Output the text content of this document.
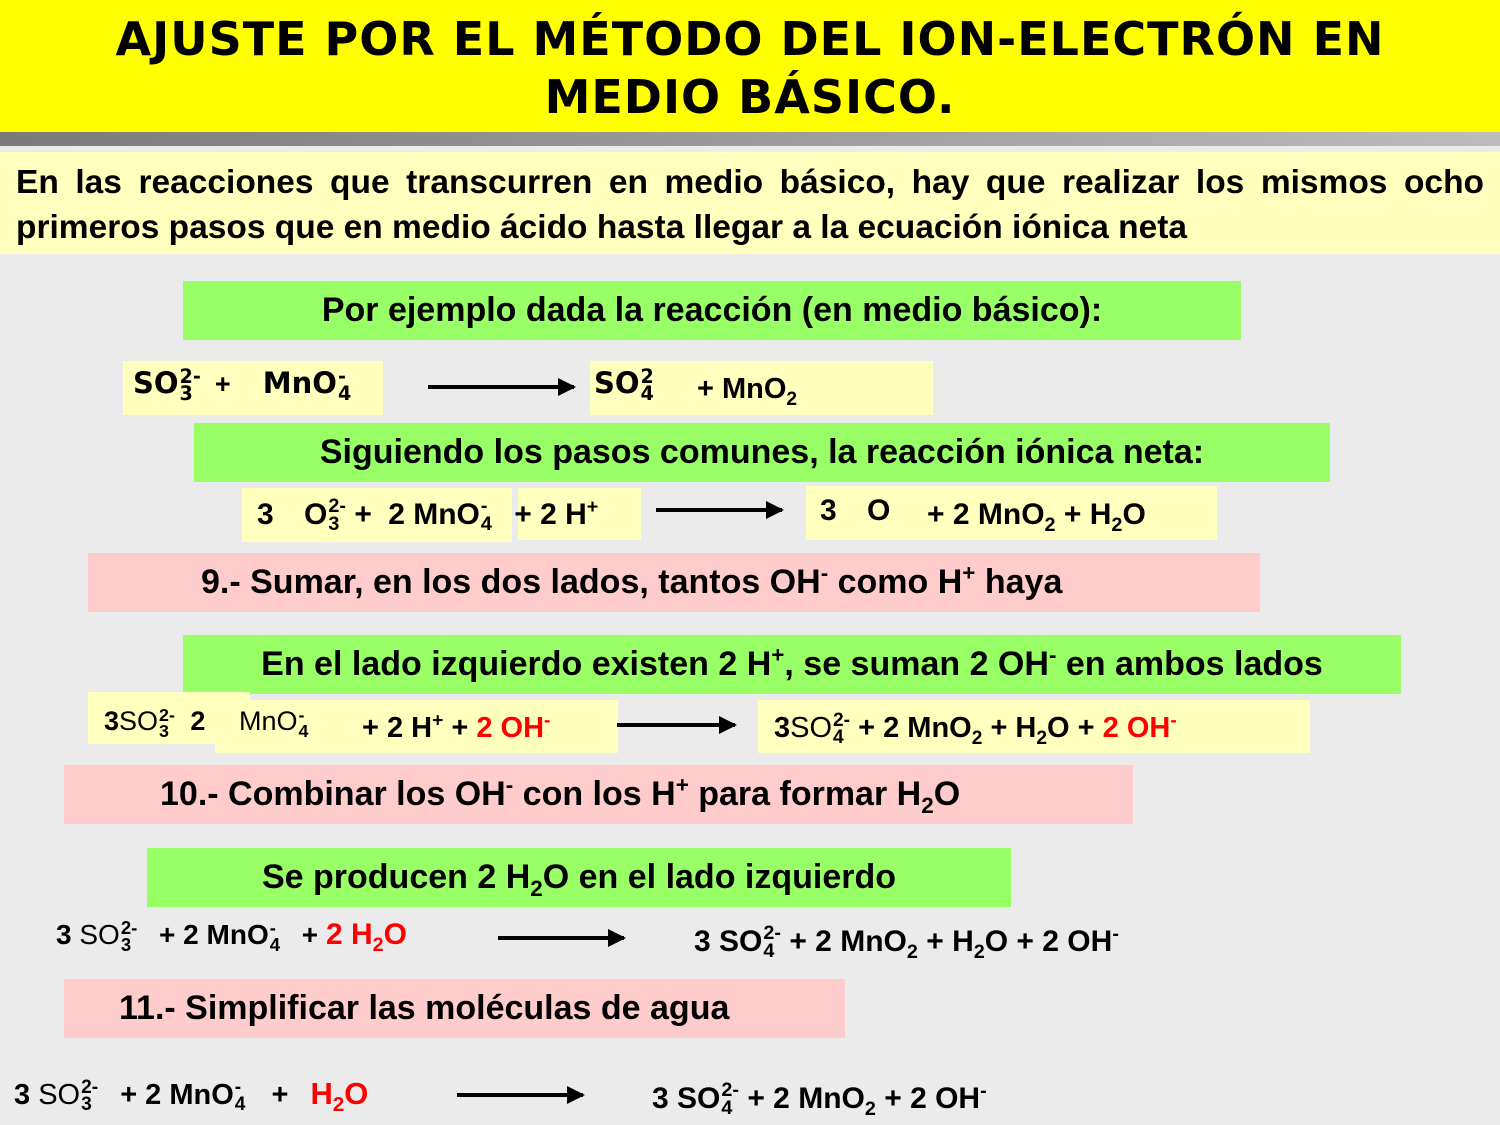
AJUSTE POR EL MÉTODO DEL ION-ELECTRÓN EN
MEDIO BÁSICO.
En las reacciones que transcurren en medio básico, hay que realizar los mismos ocho primeros pasos que en medio ácido hasta llegar a la ecuación iónica neta
Por ejemplo dada la reacción (en medio básico):
SO 2-
3 + MnO -
4	SO 2
4 + MnO$_2$
Siguiendo los pasos comunes, la reacción iónica neta:
3 O 2-
3 + 2 MnO -
4 + 2 H+	3 O + 2 $MnO_2 + H_2O$
9.- Sumar, en los dos lados, tantos OH- como H+ haya
En el lado izquierdo existen 2 H+, se suman 2 OH- en ambos lados
3SO 2-
3 2 MnO -
4 + 2 H+ + 2 OH-	3SO 2-
4 + 2 $MnO_2 + H_2O + 2$ OH-
10.- Combinar los OH- con los H+ para formar $H_2O$
Se producen 2 $H_2O$ en el lado izquierdo
3 SO 2-
3 + 2 MnO -
4 + 2 $H_2O$	3 SO 2-
4 + 2 $MnO_2 + H_2O + 2$ OH-
11.- Simplificar las moléculas de agua
3 SO 2-
3 + 2 MnO -
$4 + H_2O$	3 SO 2-
4 + 2 MnO$_2$ + 2 OH-
